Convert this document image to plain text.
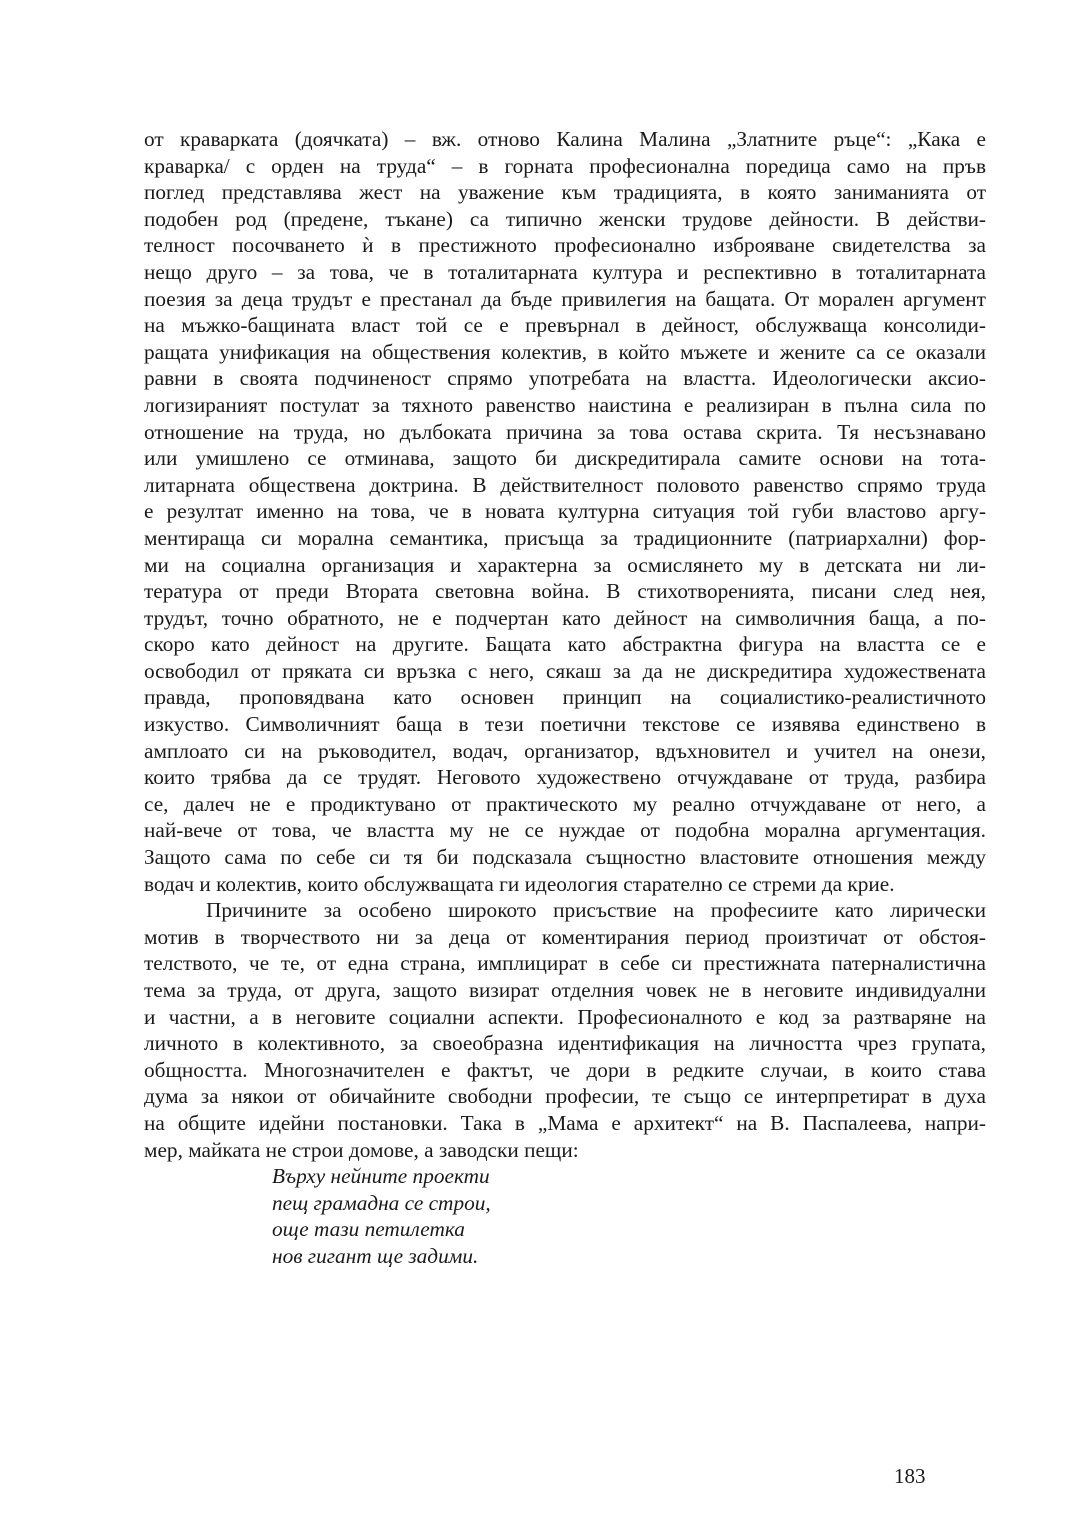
от краварката (доячката) – вж. отново Калина Малина „Златните ръце“: „Кака е
краварка/ с орден на труда“ – в горната професионална поредица само на пръв
поглед представлява жест на уважение към традицията, в която заниманията от
подобен род (предене, тъкане) са типично женски трудове дейности. В действи-
телност посочването ѝ в престижното професионално изброяване свидетелства за
нещо друго – за това, че в тоталитарната култура и респективно в тоталитарната
поезия за деца трудът е престанал да бъде привилегия на бащата. От морален аргумент
на мъжко-бащината власт той се е превърнал в дейност, обслужваща консолиди-
ращата унификация на обществения колектив, в който мъжете и жените са се оказали
равни в своята подчиненост спрямо употребата на властта. Идеологически аксио-
логизираният постулат за тяхното равенство наистина е реализиран в пълна сила по
отношение на труда, но дълбоката причина за това остава скрита. Тя несъзнавано
или умишлено се отминава, защото би дискредитирала самите основи на тота-
литарната обществена доктрина. В действителност половото равенство спрямо труда
е резултат именно на това, че в новата културна ситуация той губи властово аргу-
ментираща си морална семантика, присъща за традиционните (патриархални) фор-
ми на социална организация и характерна за осмислянето му в детската ни ли-
тература от преди Втората световна война. В стихотворенията, писани след нея,
трудът, точно обратното, не е подчертан като дейност на символичния баща, а по-
скоро като дейност на другите. Бащата като абстрактна фигура на властта се е
освободил от пряката си връзка с него, сякаш за да не дискредитира художествената
правда, проповядвана като основен принцип на социалистико-реалистичното
изкуство. Символичният баща в тези поетични текстове се изявява единствено в
амплоато си на ръководител, водач, организатор, вдъхновител и учител на онези,
които трябва да се трудят. Неговото художествено отчуждаване от труда, разбира
се, далеч не е продиктувано от практическото му реално отчуждаване от него, а
най-вече от това, че властта му не се нуждае от подобна морална аргументация.
Защото сама по себе си тя би подсказала същностно властовите отношения между
водач и колектив, които обслужващата ги идеология старателно се стреми да крие.
Причините за особено широкото присъствие на професиите като лирически
мотив в творчеството ни за деца от коментирания период произтичат от обстоя-
телството, че те, от една страна, имплицират в себе си престижната патерналистична
тема за труда, от друга, защото визират отделния човек не в неговите индивидуални
и частни, а в неговите социални аспекти. Професионалното е код за разтваряне на
личното в колективното, за своеобразна идентификация на личността чрез групата,
общността. Многозначителен е фактът, че дори в редките случаи, в които става
дума за някои от обичайните свободни професии, те също се интерпретират в духа
на общите идейни постановки. Така в „Мама е архитект“ на В. Паспалеева, напри-
мер, майката не строи домове, а заводски пещи:
Върху нейните проекти
пещ грамадна се строи,
още тази петилетка
нов гигант ще задими.
183
